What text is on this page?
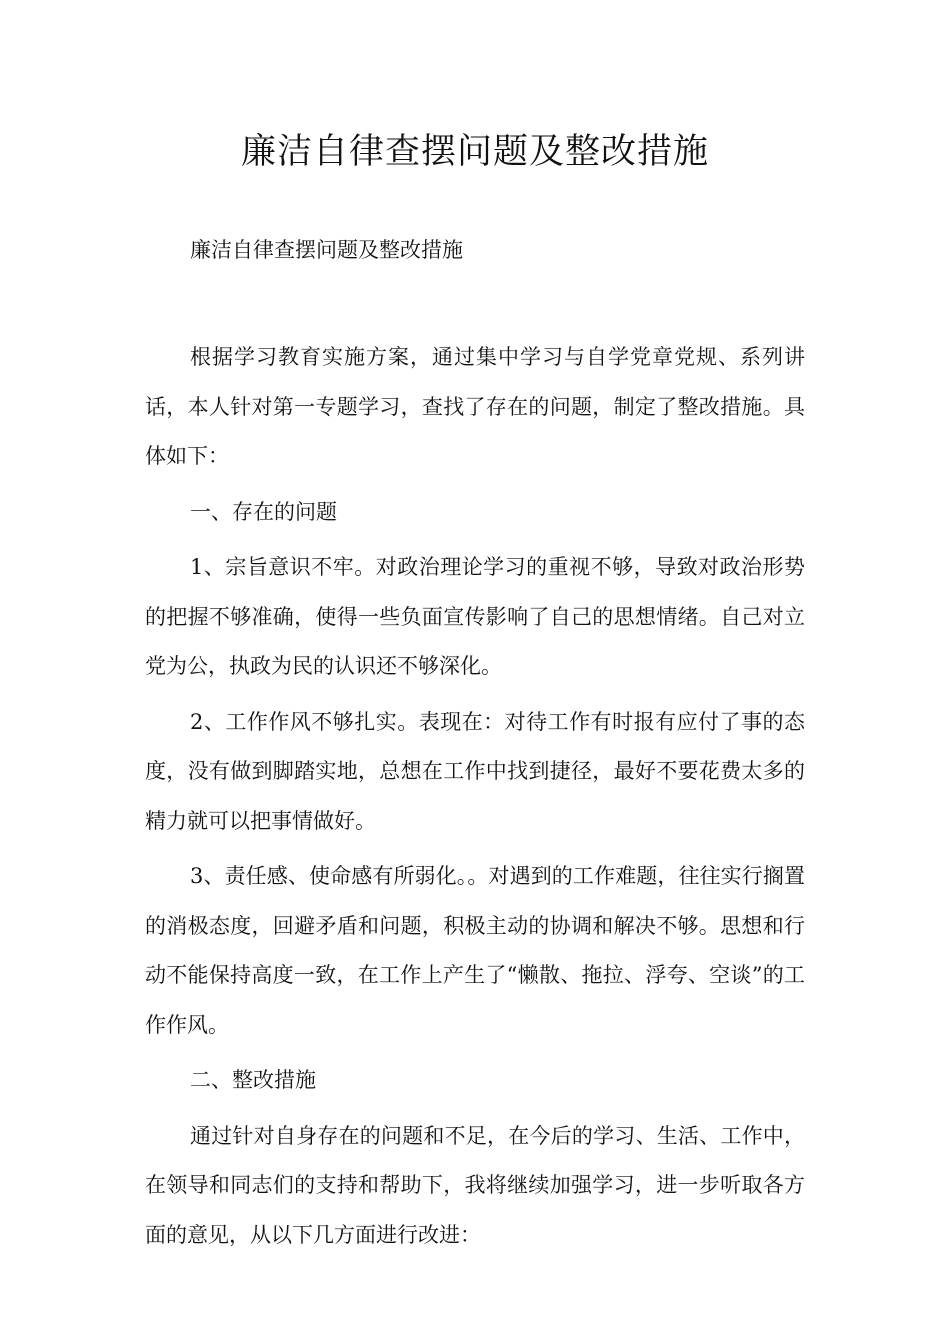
廉洁自律查摆问题及整改措施

廉洁自律查摆问题及整改措施

根据学习教育实施方案，通过集中学习与自学党章党规、系列讲话，本人针对第一专题学习，查找了存在的问题，制定了整改措施。具体如下：

一、存在的问题

1、宗旨意识不牢。对政治理论学习的重视不够，导致对政治形势的把握不够准确，使得一些负面宣传影响了自己的思想情绪。自己对立党为公，执政为民的认识还不够深化。

2、工作作风不够扎实。表现在：对待工作有时报有应付了事的态度，没有做到脚踏实地，总想在工作中找到捷径，最好不要花费太多的精力就可以把事情做好。

3、责任感、使命感有所弱化。。对遇到的工作难题，往往实行搁置的消极态度，回避矛盾和问题，积极主动的协调和解决不够。思想和行动不能保持高度一致，在工作上产生了“懒散、拖拉、浮夸、空谈”的工作作风。

二、整改措施

通过针对自身存在的问题和不足，在今后的学习、生活、工作中，在领导和同志们的支持和帮助下，我将继续加强学习，进一步听取各方面的意见，从以下几方面进行改进：
